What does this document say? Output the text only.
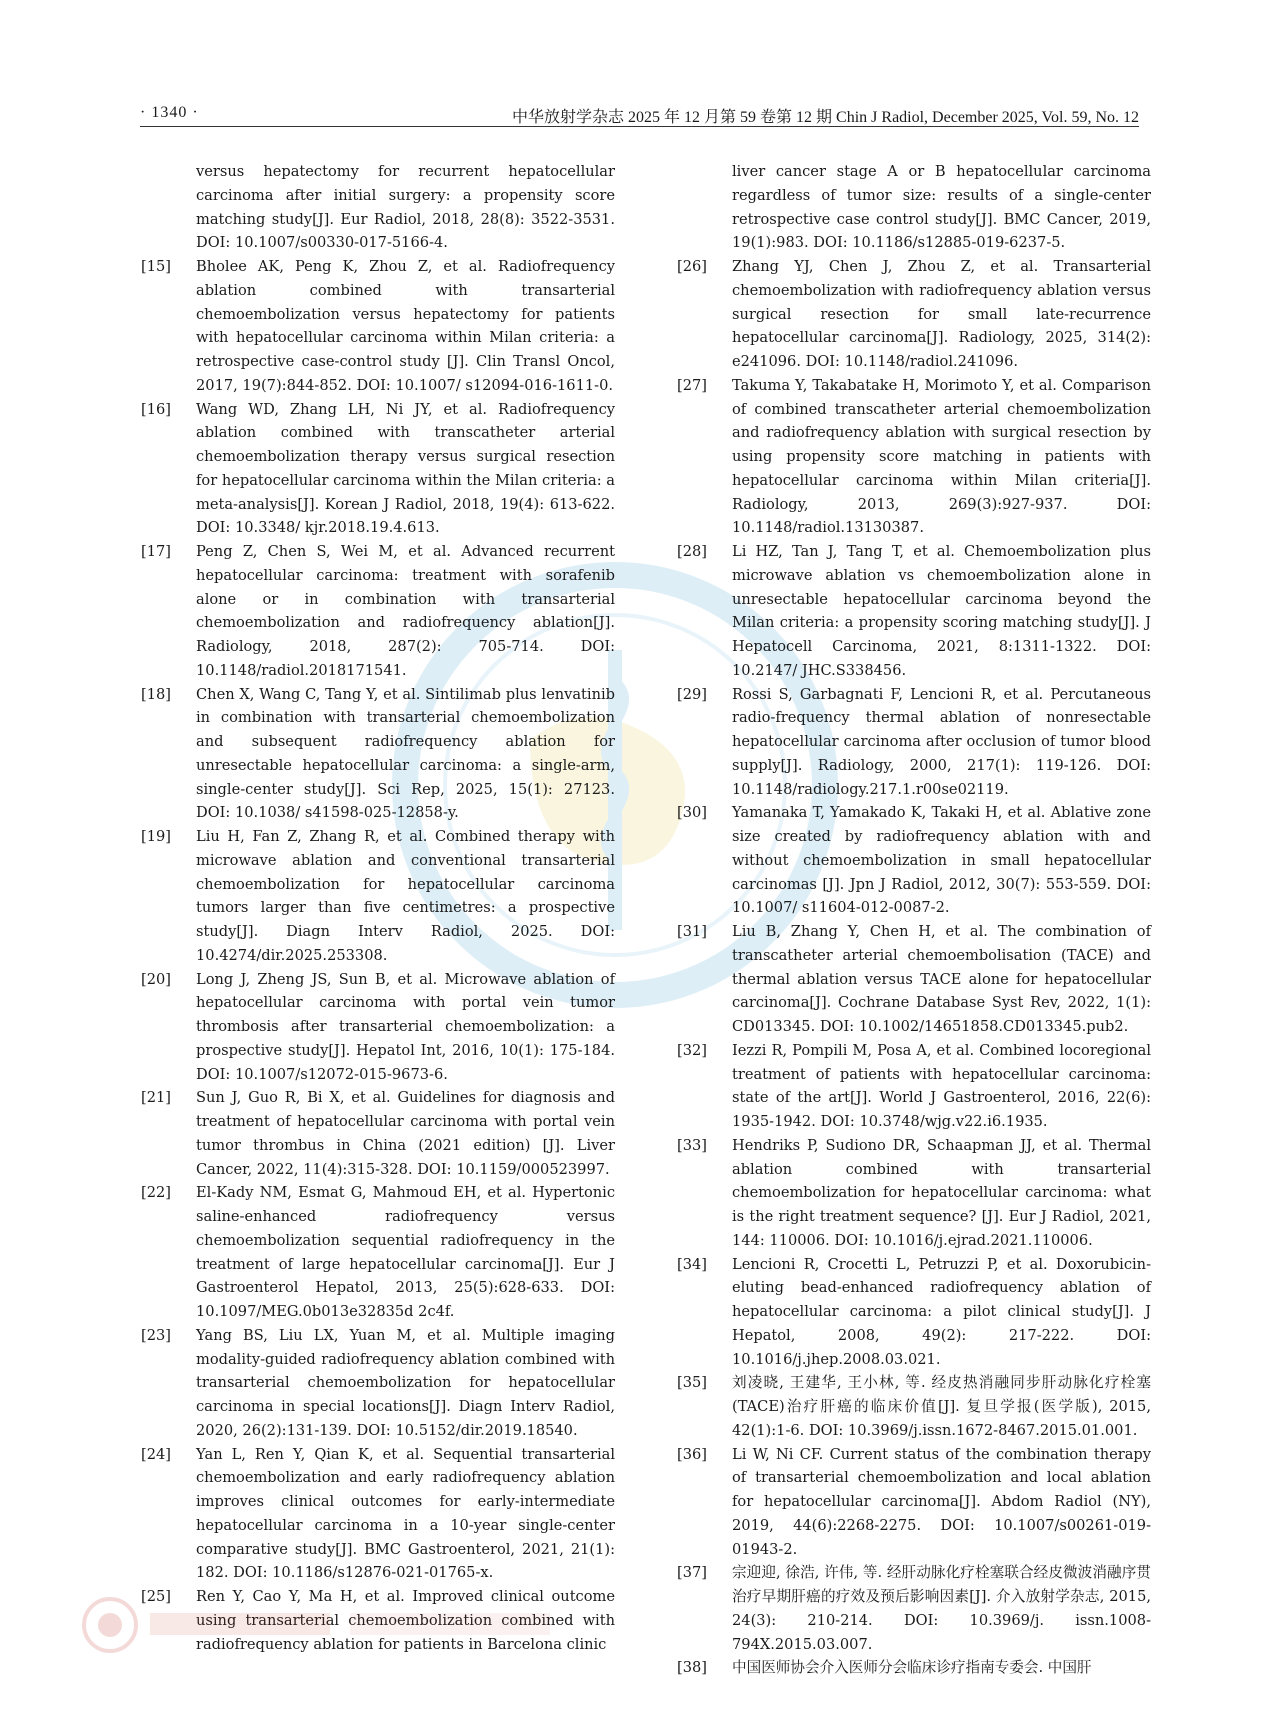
· 1340 ·	中华放射学杂志 2025 年 12 月第 59 卷第 12 期 Chin J Radiol, December 2025, Vol. 59, No. 12
versus hepatectomy for recurrent hepatocellular carcinoma after initial surgery: a propensity score matching study[J]. Eur Radiol, 2018, 28(8): 3522-3531. DOI: 10.1007/s00330-017-5166-4.
[15] Bholee AK, Peng K, Zhou Z, et al. Radiofrequency ablation combined with transarterial chemoembolization versus hepatectomy for patients with hepatocellular carcinoma within Milan criteria: a retrospective case-control study [J]. Clin Transl Oncol, 2017, 19(7):844-852. DOI: 10.1007/ s12094-016-1611-0.
[16] Wang WD, Zhang LH, Ni JY, et al. Radiofrequency ablation combined with transcatheter arterial chemoembolization therapy versus surgical resection for hepatocellular carcinoma within the Milan criteria: a meta-analysis[J]. Korean J Radiol, 2018, 19(4): 613-622. DOI: 10.3348/ kjr.2018.19.4.613.
[17] Peng Z, Chen S, Wei M, et al. Advanced recurrent hepatocellular carcinoma: treatment with sorafenib alone or in combination with transarterial chemoembolization and radiofrequency ablation[J]. Radiology, 2018, 287(2): 705-714. DOI: 10.1148/radiol.2018171541.
[18] Chen X, Wang C, Tang Y, et al. Sintilimab plus lenvatinib in combination with transarterial chemoembolization and subsequent radiofrequency ablation for unresectable hepatocellular carcinoma: a single-arm, single-center study[J]. Sci Rep, 2025, 15(1): 27123. DOI: 10.1038/ s41598-025-12858-y.
[19] Liu H, Fan Z, Zhang R, et al. Combined therapy with microwave ablation and conventional transarterial chemoembolization for hepatocellular carcinoma tumors larger than five centimetres: a prospective study[J]. Diagn Interv Radiol, 2025. DOI: 10.4274/dir.2025.253308.
[20] Long J, Zheng JS, Sun B, et al. Microwave ablation of hepatocellular carcinoma with portal vein tumor thrombosis after transarterial chemoembolization: a prospective study[J]. Hepatol Int, 2016, 10(1): 175-184. DOI: 10.1007/s12072-015-9673-6.
[21] Sun J, Guo R, Bi X, et al. Guidelines for diagnosis and treatment of hepatocellular carcinoma with portal vein tumor thrombus in China (2021 edition) [J]. Liver Cancer, 2022, 11(4):315-328. DOI: 10.1159/000523997.
[22] El-Kady NM, Esmat G, Mahmoud EH, et al. Hypertonic saline-enhanced radiofrequency versus chemoembolization sequential radiofrequency in the treatment of large hepatocellular carcinoma[J]. Eur J Gastroenterol Hepatol, 2013, 25(5):628-633. DOI: 10.1097/MEG.0b013e32835d 2c4f.
[23] Yang BS, Liu LX, Yuan M, et al. Multiple imaging modality-guided radiofrequency ablation combined with transarterial chemoembolization for hepatocellular carcinoma in special locations[J]. Diagn Interv Radiol, 2020, 26(2):131-139. DOI: 10.5152/dir.2019.18540.
[24] Yan L, Ren Y, Qian K, et al. Sequential transarterial chemoembolization and early radiofrequency ablation improves clinical outcomes for early-intermediate hepatocellular carcinoma in a 10-year single-center comparative study[J]. BMC Gastroenterol, 2021, 21(1): 182. DOI: 10.1186/s12876-021-01765-x.
[25] Ren Y, Cao Y, Ma H, et al. Improved clinical outcome using transarterial chemoembolization combined with radiofrequency ablation for patients in Barcelona clinic
liver cancer stage A or B hepatocellular carcinoma regardless of tumor size: results of a single-center retrospective case control study[J]. BMC Cancer, 2019, 19(1):983. DOI: 10.1186/s12885-019-6237-5.
[26] Zhang YJ, Chen J, Zhou Z, et al. Transarterial chemoembolization with radiofrequency ablation versus surgical resection for small late-recurrence hepatocellular carcinoma[J]. Radiology, 2025, 314(2): e241096. DOI: 10.1148/radiol.241096.
[27] Takuma Y, Takabatake H, Morimoto Y, et al. Comparison of combined transcatheter arterial chemoembolization and radiofrequency ablation with surgical resection by using propensity score matching in patients with hepatocellular carcinoma within Milan criteria[J]. Radiology, 2013, 269(3):927-937. DOI: 10.1148/radiol.13130387.
[28] Li HZ, Tan J, Tang T, et al. Chemoembolization plus microwave ablation vs chemoembolization alone in unresectable hepatocellular carcinoma beyond the Milan criteria: a propensity scoring matching study[J]. J Hepatocell Carcinoma, 2021, 8:1311-1322. DOI: 10.2147/ JHC.S338456.
[29] Rossi S, Garbagnati F, Lencioni R, et al. Percutaneous radio-frequency thermal ablation of nonresectable hepatocellular carcinoma after occlusion of tumor blood supply[J]. Radiology, 2000, 217(1): 119-126. DOI: 10.1148/radiology.217.1.r00se02119.
[30] Yamanaka T, Yamakado K, Takaki H, et al. Ablative zone size created by radiofrequency ablation with and without chemoembolization in small hepatocellular carcinomas [J]. Jpn J Radiol, 2012, 30(7): 553-559. DOI: 10.1007/ s11604-012-0087-2.
[31] Liu B, Zhang Y, Chen H, et al. The combination of transcatheter arterial chemoembolisation (TACE) and thermal ablation versus TACE alone for hepatocellular carcinoma[J]. Cochrane Database Syst Rev, 2022, 1(1): CD013345. DOI: 10.1002/14651858.CD013345.pub2.
[32] Iezzi R, Pompili M, Posa A, et al. Combined locoregional treatment of patients with hepatocellular carcinoma: state of the art[J]. World J Gastroenterol, 2016, 22(6): 1935-1942. DOI: 10.3748/wjg.v22.i6.1935.
[33] Hendriks P, Sudiono DR, Schaapman JJ, et al. Thermal ablation combined with transarterial chemoembolization for hepatocellular carcinoma: what is the right treatment sequence? [J]. Eur J Radiol, 2021, 144: 110006. DOI: 10.1016/j.ejrad.2021.110006.
[34] Lencioni R, Crocetti L, Petruzzi P, et al. Doxorubicin-eluting bead-enhanced radiofrequency ablation of hepatocellular carcinoma: a pilot clinical study[J]. J Hepatol, 2008, 49(2): 217-222. DOI: 10.1016/j.jhep.2008.03.021.
[35] 刘凌晓, 王建华, 王小林, 等. 经皮热消融同步肝动脉化疗栓塞(TACE)治疗肝癌的临床价值[J]. 复旦学报(医学版), 2015, 42(1):1-6. DOI: 10.3969/j.issn.1672-8467.2015.01.001.
[36] Li W, Ni CF. Current status of the combination therapy of transarterial chemoembolization and local ablation for hepatocellular carcinoma[J]. Abdom Radiol (NY), 2019, 44(6):2268-2275. DOI: 10.1007/s00261-019-01943-2.
[37] 宗迎迎, 徐浩, 许伟, 等. 经肝动脉化疗栓塞联合经皮微波消融序贯治疗早期肝癌的疗效及预后影响因素[J]. 介入放射学杂志, 2015, 24(3): 210-214. DOI: 10.3969/j. issn.1008-794X.2015.03.007.
[38] 中国医师协会介入医师分会临床诊疗指南专委会. 中国肝
